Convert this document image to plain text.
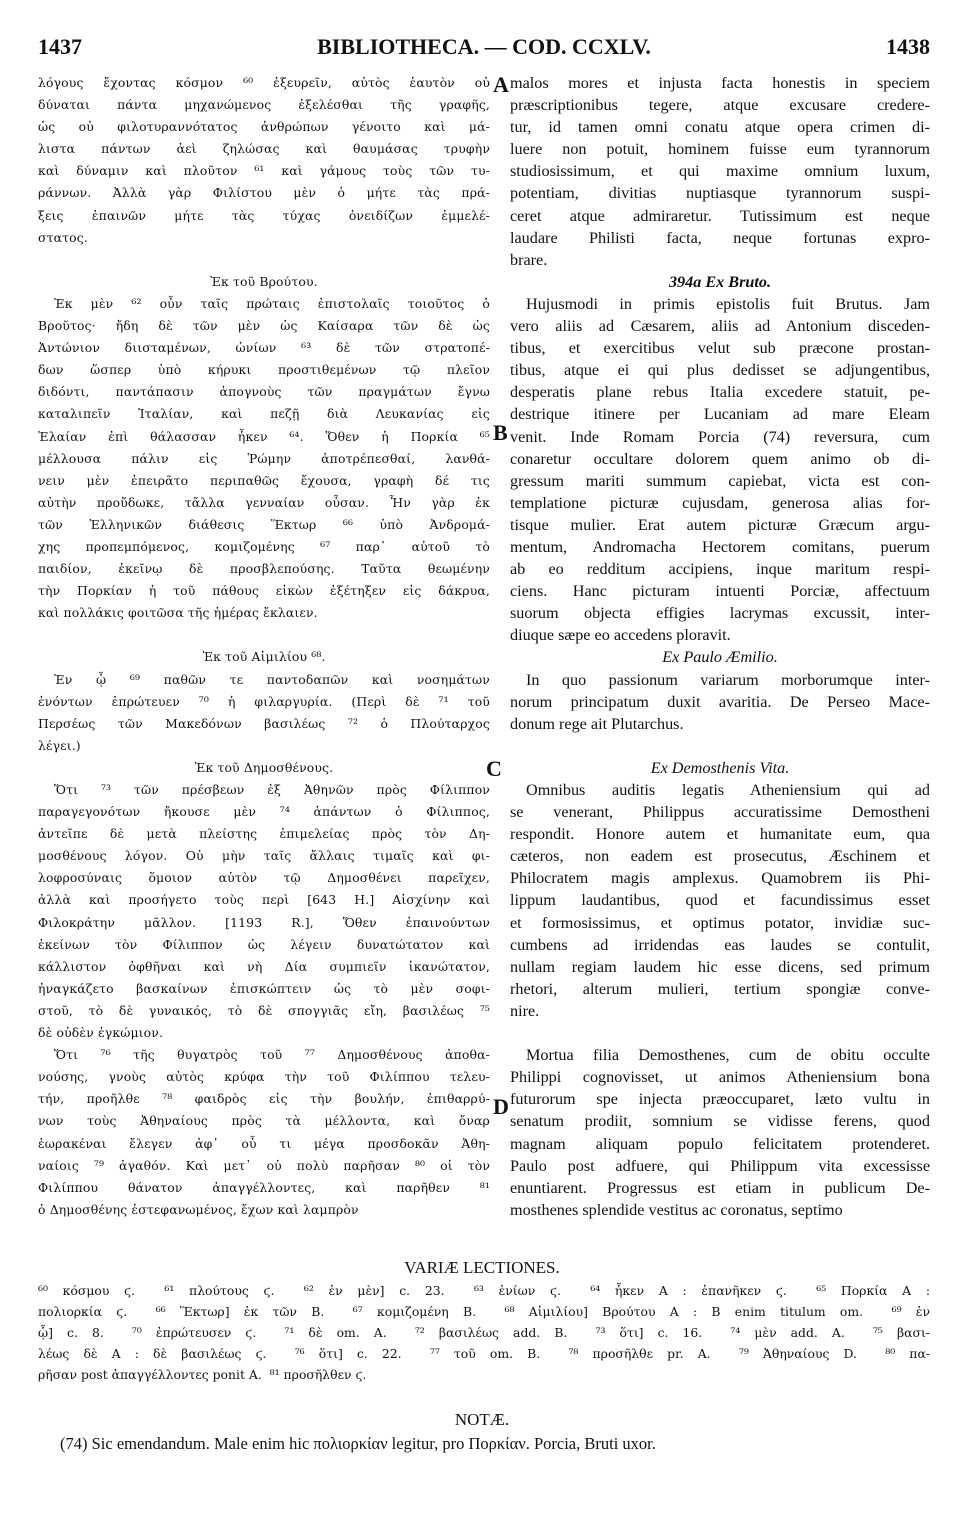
1437	BIBLIOTHECA. — COD. CCXLV.	1438
λόγους ἔχοντας κόσμον ⁶⁰ ἐξευρεῖν, αὐτὸς ἑαυτὸν οὐ
δύναται πάντα μηχανώμενος ἐξελέσθαι τῆς γραφῆς,
ὡς οὐ φιλοτυραννότατος ἀνθρώπων γένοιτο καὶ μά-
λιστα πάντων ἀεὶ ζηλώσας καὶ θαυμάσας τρυφὴν
καὶ δύναμιν καὶ πλοῦτον ⁶¹ καὶ γάμους τοὺς τῶν τυ-
ράννων. Ἀλλὰ γὰρ Φιλίστου μὲν ὁ μήτε τὰς πρά-
ξεις ἐπαινῶν μήτε τὰς τύχας ὀνειδίζων ἐμμελέ-
στατος.
Ἐκ τοῦ Βρούτου.
Ἐκ μὲν ⁶² οὖν ταῖς πρώταις ἐπιστολαῖς τοιοῦτος ὁ
Βροῦτος· ἤδη δὲ τῶν μὲν ὡς Καίσαρα τῶν δὲ ὡς
Ἀντώνιον διισταμένων, ὠνίων ⁶³ δὲ τῶν στρατοπέ-
δων ὥσπερ ὑπὸ κήρυκι προστιθεμένων τῷ πλεῖον
διδόντι, παντάπασιν ἀπογνοὺς τῶν πραγμάτων ἔγνω
καταλιπεῖν Ἰταλίαν, καὶ πεζῇ διὰ Λευκανίας εἰς
Ἐλαίαν ἐπὶ θάλασσαν ἧκεν ⁶⁴. Ὅθεν ἡ Πορκία ⁶⁵
μέλλουσα πάλιν εἰς Ῥώμην ἀποτρέπεσθαί, λανθά-
νειν μὲν ἐπειρᾶτο περιπαθῶς ἔχουσα, γραφὴ δέ τις
αὐτὴν προὔδωκε, τἄλλα γενναίαν οὖσαν. Ἦν γὰρ ἐκ
τῶν Ἑλληνικῶν διάθεσις Ἕκτωρ ⁶⁶ ὑπὸ Ἀνδρομά-
χης προπεμπόμενος, κομιζομένης ⁶⁷ παρ᾽ αὐτοῦ τὸ
παιδίον, ἐκεῖνῳ δὲ προσβλεπούσης. Ταῦτα θεωμένην
τὴν Πορκίαν ἡ τοῦ πάθους εἰκὼν ἐξέτηξεν εἰς δάκρυα,
καὶ πολλάκις φοιτῶσα τῆς ἡμέρας ἔκλαιεν.
Ἐκ τοῦ Αἰμιλίου ⁶⁸.
Ἐν ᾧ ⁶⁹ παθῶν τε παντοδαπῶν καὶ νοσημάτων
ἐνόντων ἐπρώτευεν ⁷⁰ ἡ φιλαργυρία. (Περὶ δὲ ⁷¹ τοῦ
Περσέως τῶν Μακεδόνων βασιλέως ⁷² ὁ Πλούταρχος
λέγει.)
Ἐκ τοῦ Δημοσθένους.
Ὅτι ⁷³ τῶν πρέσβεων ἐξ Ἀθηνῶν πρὸς Φίλιππον
παραγεγονότων ἤκουσε μὲν ⁷⁴ ἁπάντων ὁ Φίλιππος,
ἀντεῖπε δὲ μετὰ πλείστης ἐπιμελείας πρὸς τὸν Δη-
μοσθένους λόγον. Οὐ μὴν ταῖς ἄλλαις τιμαῖς καὶ φι-
λοφροσύναις ὅμοιον αὐτὸν τῷ Δημοσθένει παρεῖχεν,
ἀλλὰ καὶ προσήγετο τοὺς περὶ [643 H.] Αἰσχίνην καὶ
Φιλοκράτην μᾶλλον. [1193 R.], Ὅθεν ἐπαινούντων
ἐκείνων τὸν Φίλιππον ὡς λέγειν δυνατώτατον καὶ
κάλλιστον ὀφθῆναι καὶ νὴ Δία συμπιεῖν ἱκανώτατον,
ἠναγκάζετο βασκαίνων ἐπισκώπτειν ὡς τὸ μὲν σοφι-
στοῦ, τὸ δὲ γυναικός, τὸ δὲ σπογγιᾶς εἴη, βασιλέως ⁷⁵
δὲ οὐδὲν ἐγκώμιον.
Ὅτι ⁷⁶ τῆς θυγατρὸς τοῦ ⁷⁷ Δημοσθένους ἀποθα-
νούσης, γνοὺς αὐτὸς κρύφα τὴν τοῦ Φιλίππου τελευ-
τήν, προῆλθε ⁷⁸ φαιδρὸς εἰς τὴν βουλήν, ἐπιθαρρύ-
νων τοὺς Ἀθηναίους πρὸς τὰ μέλλοντα, καὶ ὄναρ
ἑωρακέναι ἔλεγεν ἀφ᾽ οὗ τι μέγα προσδοκᾶν Ἀθη-
ναίοις ⁷⁹ ἀγαθόν. Καὶ μετ᾽ οὐ πολὺ παρῆσαν ⁸⁰ οἱ τὸν
Φιλίππου θάνατον ἀπαγγέλλοντες, καὶ παρῆθεν ⁸¹
ὁ Δημοσθένης ἐστεφανωμένος, ἔχων καὶ λαμπρὸν
malos mores et injusta facta honestis in speciem
præscriptionibus tegere, atque excusare credere-
tur, id tamen omni conatu atque opera crimen di-
luere non potuit, hominem fuisse eum tyrannorum
studiosissimum, et qui maxime omnium luxum,
potentiam, divitias nuptiasque tyrannorum suspi-
ceret atque admiraretur. Tutissimum est neque
laudare Philisti facta, neque fortunas expro-
brare.
394a Ex Bruto.
Hujusmodi in primis epistolis fuit Brutus. Jam
vero aliis ad Cæsarem, aliis ad Antonium disceden-
tibus, et exercitibus velut sub præcone prostan-
tibus, atque ei qui plus dedisset se adjungentibus,
desperatis plane rebus Italia excedere statuit, pe-
destrique itinere per Lucaniam ad mare Eleam
venit. Inde Romam Porcia (74) reversura, cum
conaretur occultare dolorem quem animo ob di-
gressum mariti summum capiebat, victa est con-
templatione picturæ cujusdam, generosa alias for-
tisque mulier. Erat autem picturæ Græcum argu-
mentum, Andromacha Hectorem comitans, puerum
ab eo redditum accipiens, inque maritum respi-
ciens. Hanc picturam intuenti Porciæ, affectuum
suorum objecta effigies lacrymas excussit, inter-
diuque sæpe eo accedens ploravit.
Ex Paulo Æmilio.
In quo passionum variarum morborumque inter-
norum principatum duxit avaritia. De Perseo Mace-
donum rege ait Plutarchus.
Ex Demosthenis Vita.
Omnibus auditis legatis Atheniensium qui ad
se venerant, Philippus accuratissime Demostheni
respondit. Honore autem et humanitate eum, qua
cæteros, non eadem est prosecutus, Æschinem et
Philocratem magis amplexus. Quamobrem iis Phi-
lippum laudantibus, quod et facundissimus esset
et formosissimus, et optimus potator, invidiæ suc-
cumbens ad irridendas eas laudes se contulit,
nullam regiam laudem hic esse dicens, sed primum
rhetori, alterum mulieri, tertium spongiæ conve-
nire.
Mortua filia Demosthenes, cum de obitu occulte
Philippi cognovisset, ut animos Atheniensium bona
futurorum spe injecta præoccuparet, læto vultu in
senatum prodiit, somnium se vidisse ferens, quod
magnam aliquam populo felicitatem protenderet.
Paulo post adfuere, qui Philippum vita excessisse
enuntiarent. Progressus est etiam in publicum De-
mosthenes splendide vestitus ac coronatus, septimo
A
B
C
D
VARIÆ LECTIONES.
⁶⁰ κόσμου ϛ.  ⁶¹ πλούτους ϛ.  ⁶² ἐν μὲν] c. 23.  ⁶³ ἐνίων ϛ.  ⁶⁴ ἧκεν A : ἐπανῆκεν ϛ.  ⁶⁵ Πορκία A :
πολιορκία ϛ.  ⁶⁶ Ἕκτωρ] ἐκ τῶν B.  ⁶⁷ κομιζομένη B.  ⁶⁸ Αἰμιλίου] Βρούτου A : B enim titulum om.  ⁶⁹ ἐν
ᾧ] c. 8.  ⁷⁰ ἐπρώτευσεν ϛ.  ⁷¹ δὲ om. A.  ⁷² βασιλέως add. B.  ⁷³ ὅτι] c. 16.  ⁷⁴ μὲν add. A.  ⁷⁵ βασι-
λέως δὲ A : δὲ βασιλέως ϛ.  ⁷⁶ ὅτι] c. 22.  ⁷⁷ τοῦ om. B.  ⁷⁸ προσῆλθε pr. A.  ⁷⁹ Ἀθηναίους D.  ⁸⁰ πα-
ρῆσαν post ἀπαγγέλλοντες ponit A.  ⁸¹ προσῆλθεν ϛ.
NOTÆ.
(74) Sic emendandum. Male enim hic πολιορκίαν legitur, pro Πορκίαν. Porcia, Bruti uxor.
